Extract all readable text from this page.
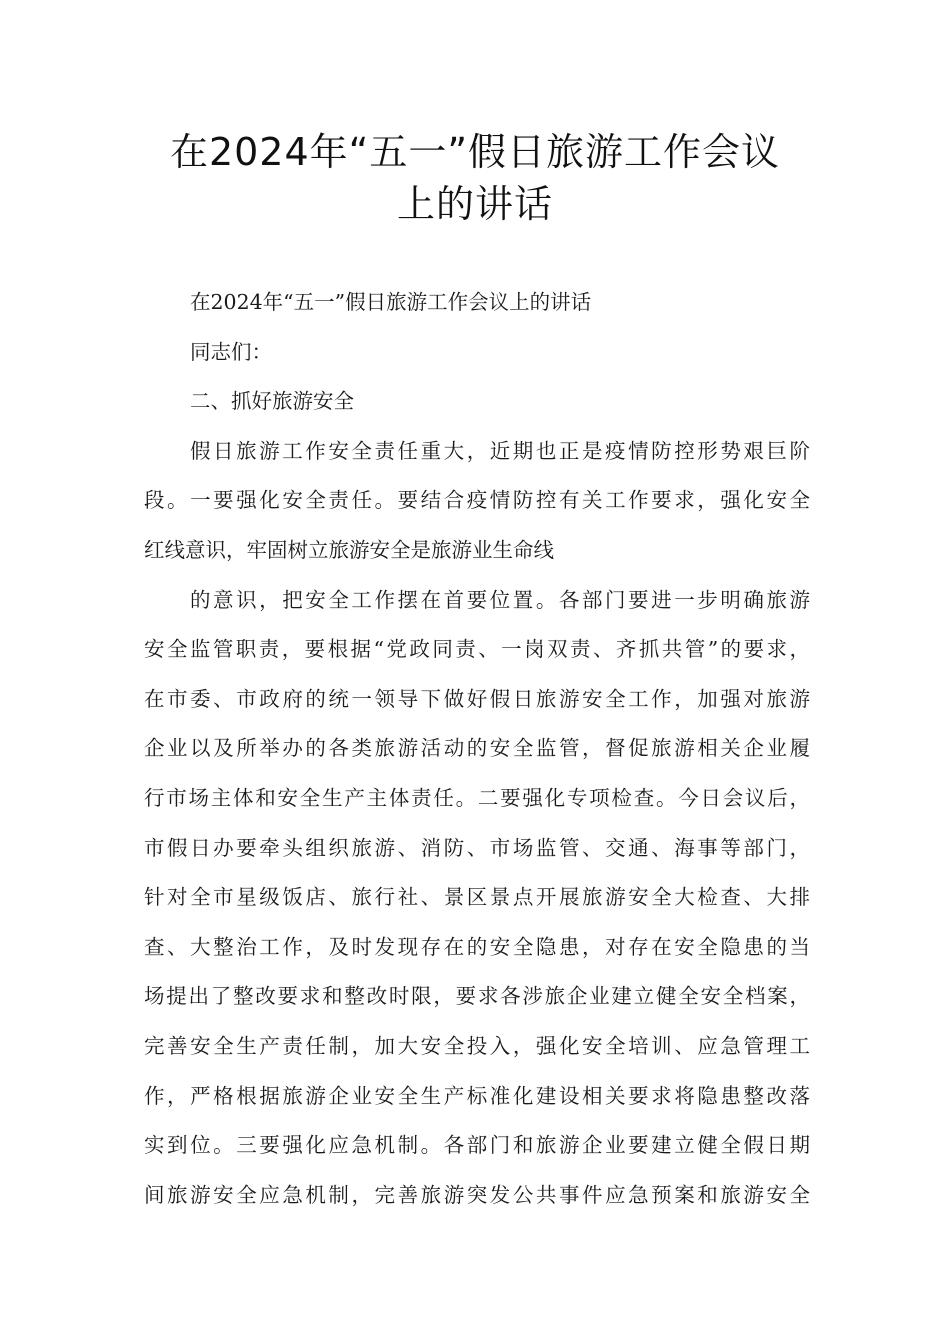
在2024年“五一”假日旅游工作会议
上的讲话
在2024年“五一”假日旅游工作会议上的讲话
同志们：
二、抓好旅游安全
假日旅游工作安全责任重大，近期也正是疫情防控形势艰巨阶
段。一要强化安全责任。要结合疫情防控有关工作要求，强化安全
红线意识，牢固树立旅游安全是旅游业生命线
的意识，把安全工作摆在首要位置。各部门要进一步明确旅游
安全监管职责，要根据“党政同责、一岗双责、齐抓共管”的要求，
在市委、市政府的统一领导下做好假日旅游安全工作，加强对旅游
企业以及所举办的各类旅游活动的安全监管，督促旅游相关企业履
行市场主体和安全生产主体责任。二要强化专项检查。今日会议后，
市假日办要牵头组织旅游、消防、市场监管、交通、海事等部门，
针对全市星级饭店、旅行社、景区景点开展旅游安全大检查、大排
查、大整治工作，及时发现存在的安全隐患，对存在安全隐患的当
场提出了整改要求和整改时限，要求各涉旅企业建立健全安全档案，
完善安全生产责任制，加大安全投入，强化安全培训、应急管理工
作，严格根据旅游企业安全生产标准化建设相关要求将隐患整改落
实到位。三要强化应急机制。各部门和旅游企业要建立健全假日期
间旅游安全应急机制，完善旅游突发公共事件应急预案和旅游安全
